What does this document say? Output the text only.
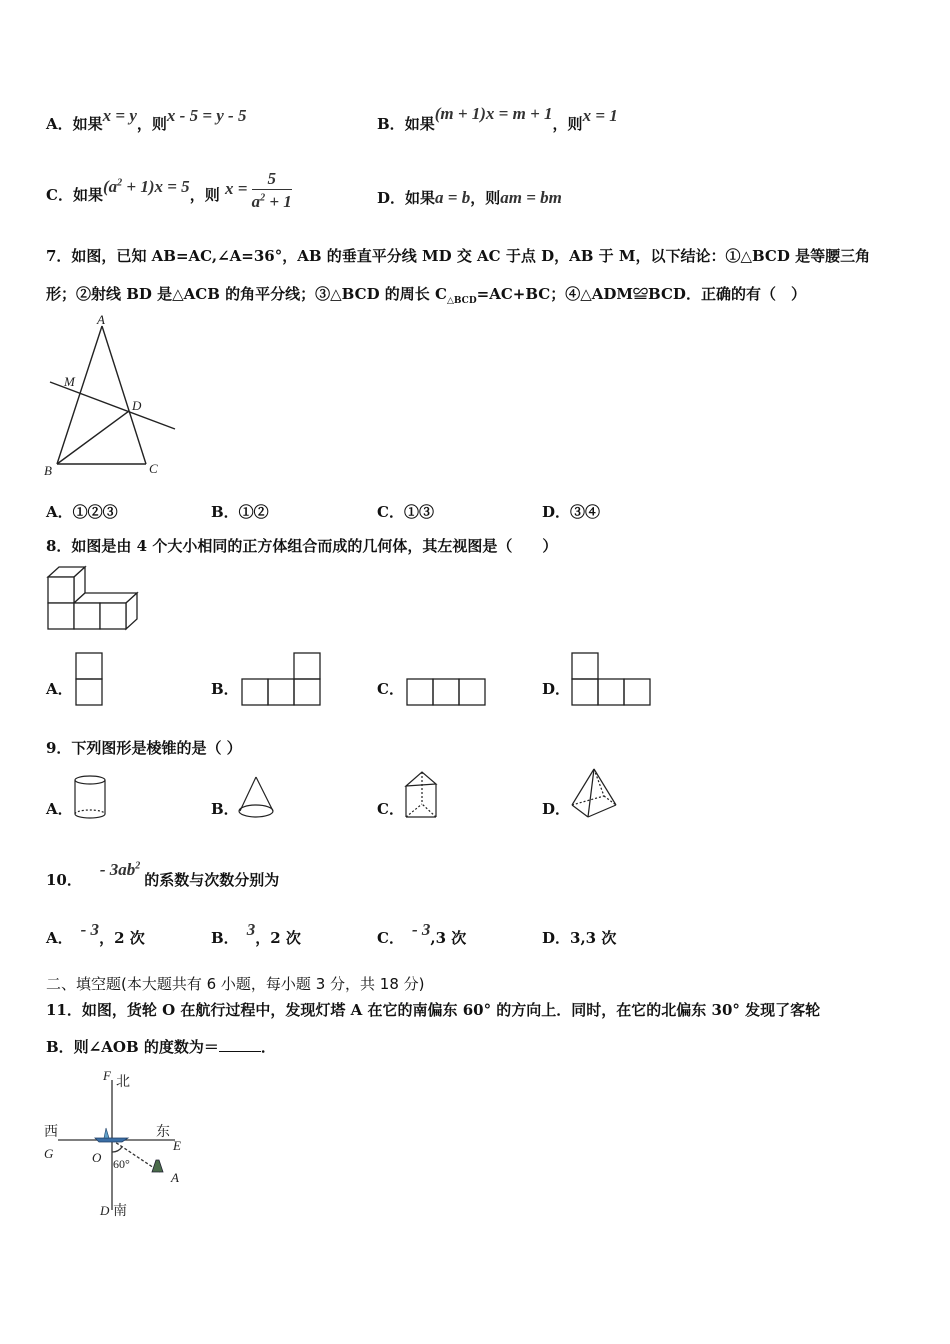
A．如果x = y，则x - 5 = y - 5	B．如果(m + 1)x = m + 1，则x = 1
C．如果$(a^2 + 1)x = 5$，则 $x = \frac{5}{a^2 + 1}$	D．如果a = b，则am = bm
7．如图，已知 AB=AC,∠A=36°，AB 的垂直平分线 MD 交 AC 于点 D，AB 于 M，以下结论：①△BCD 是等腰三角
形；②射线 BD 是△ACB 的角平分线；③△BCD 的周长 $C_{\triangle BCD}=AC+BC$；④△ADM≌BCD．正确的有（　）
A
M
D
B	C
A．①②③	B．①②	C．①③	D．③④
8．如图是由 4 个大小相同的正方体组合而成的几何体，其左视图是（　　）
A．	B．	C．	D．
9．下列图形是棱锥的是（ ）
A．	B．	C．	D．
10．- $3ab^2$的系数与次数分别为
A． - 3，2 次	B． 3，2 次	C． - 3,3 次	D．3,3 次
二、填空题(本大题共有 6 小题，每小题 3 分，共 18 分)
11．如图，货轮 O 在航行过程中，发现灯塔 A 在它的南偏东 60° 的方向上．同时，在它的北偏东 30° 发现了客轮
B．则∠AOB 的度数为＝	．
F 北
西	东
G
E
O 60°
A
D 南
